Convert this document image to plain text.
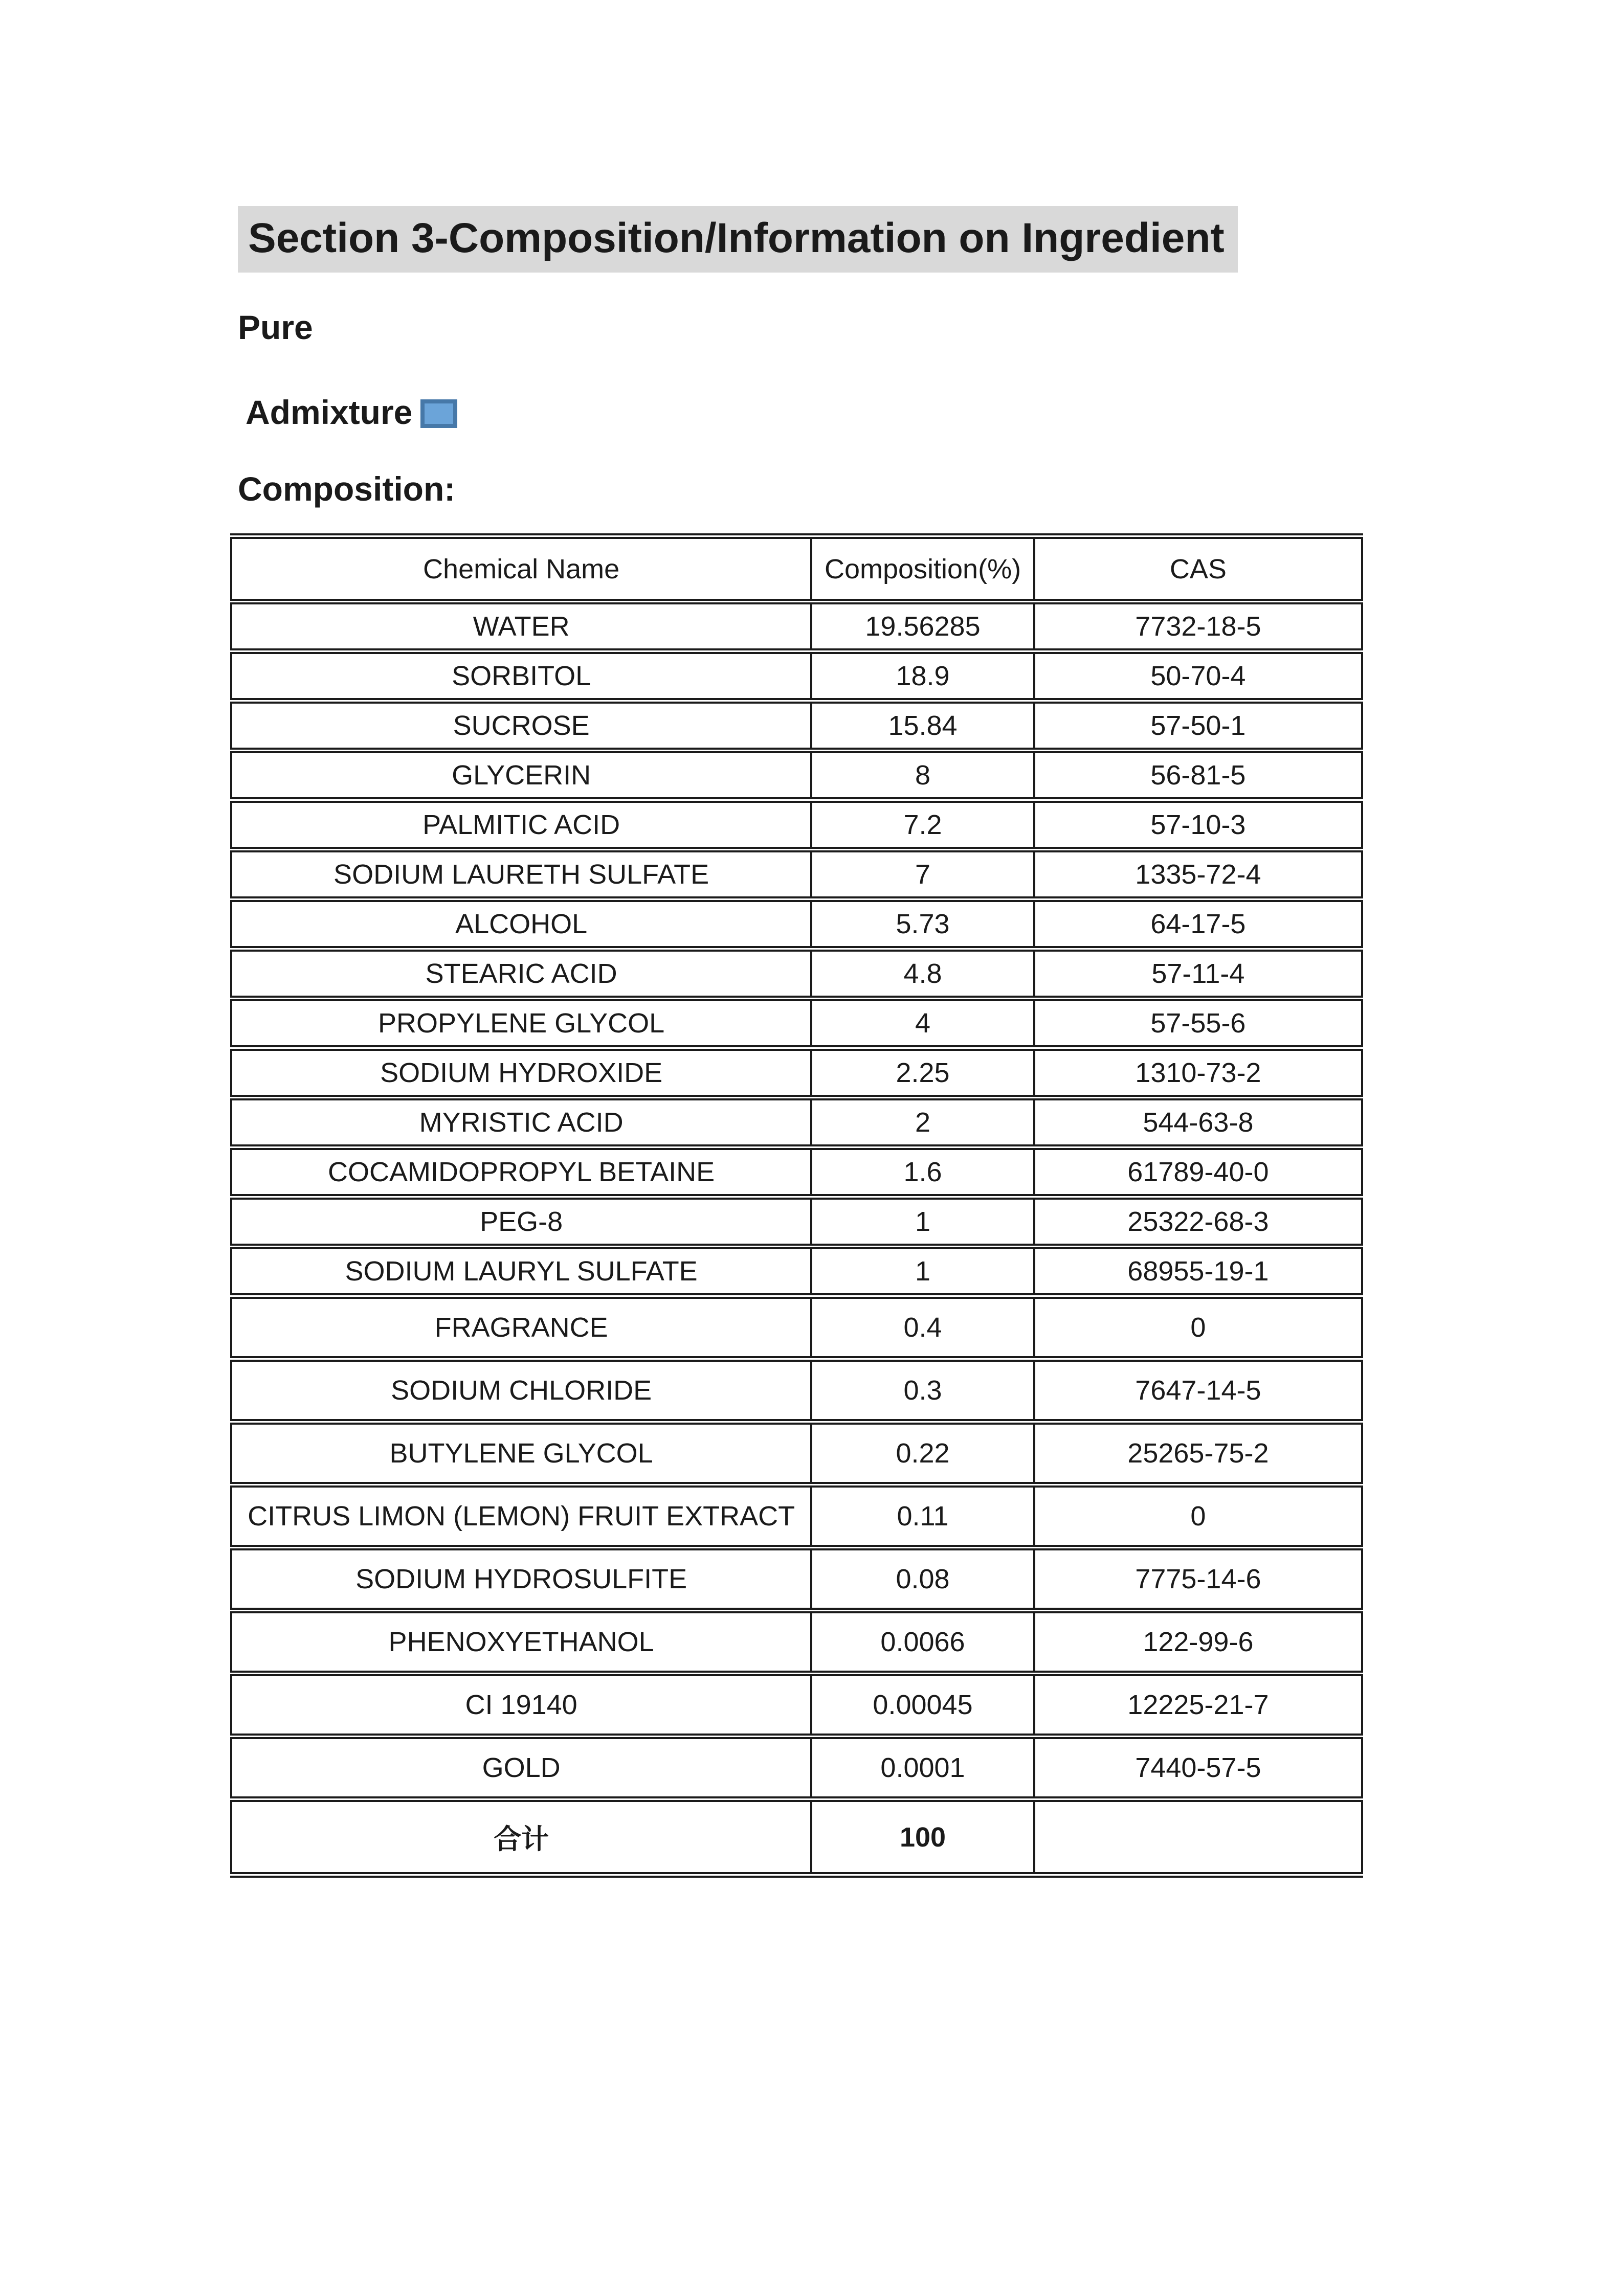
Section 3-Composition/Information on Ingredient
Pure
Admixture
Composition:
Chemical Name	Composition(%)	CAS
WATER	19.56285	7732-18-5
SORBITOL	18.9	50-70-4
SUCROSE	15.84	57-50-1
GLYCERIN	8	56-81-5
PALMITIC ACID	7.2	57-10-3
SODIUM LAURETH SULFATE	7	1335-72-4
ALCOHOL	5.73	64-17-5
STEARIC ACID	4.8	57-11-4
PROPYLENE GLYCOL	4	57-55-6
SODIUM HYDROXIDE	2.25	1310-73-2
MYRISTIC ACID	2	544-63-8
COCAMIDOPROPYL BETAINE	1.6	61789-40-0
PEG-8	1	25322-68-3
SODIUM LAURYL SULFATE	1	68955-19-1
FRAGRANCE	0.4	0
SODIUM CHLORIDE	0.3	7647-14-5
BUTYLENE GLYCOL	0.22	25265-75-2
CITRUS LIMON (LEMON) FRUIT EXTRACT	0.11	0
SODIUM HYDROSULFITE	0.08	7775-14-6
PHENOXYETHANOL	0.0066	122-99-6
CI 19140	0.00045	12225-21-7
GOLD	0.0001	7440-57-5
合计	100	
